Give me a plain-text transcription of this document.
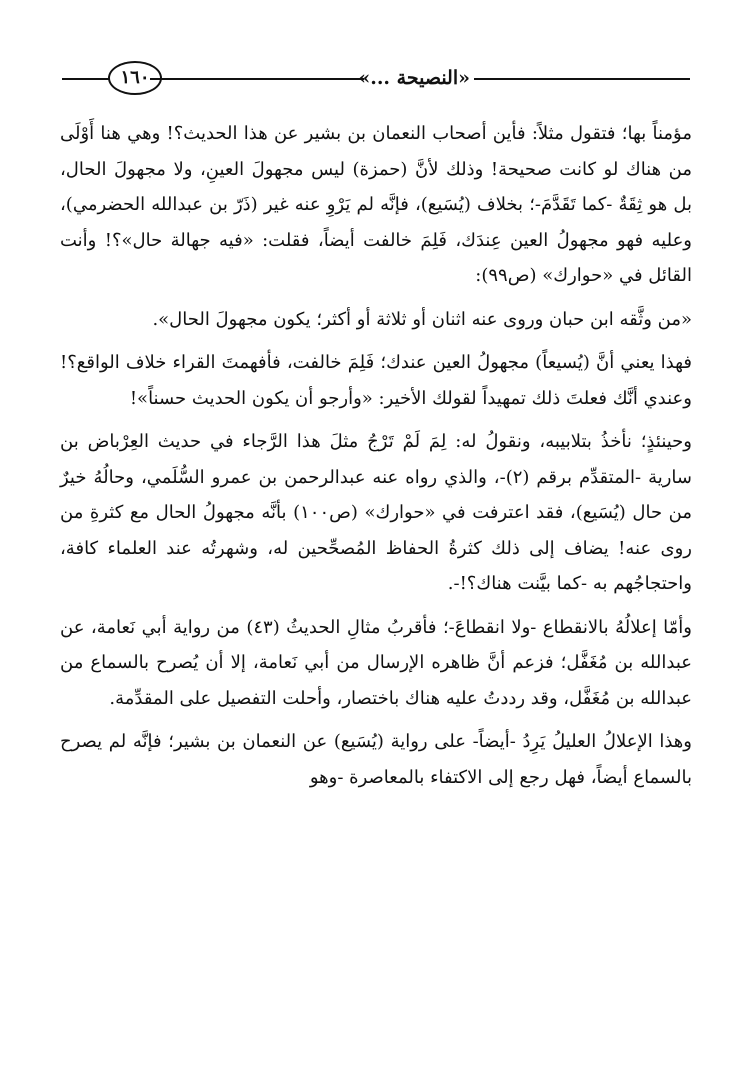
١٦٠	«النصيحة ...»

مؤمناً بها؛ فتقول مثلاً: فأين أصحاب النعمان بن بشير عن هذا الحديث؟! وهي هنا أَوْلَى من هناك لو كانت صحيحة! وذلك لأنَّ (حمزة) ليس مجهولَ العينِ، ولا مجهولَ الحال، بل هو ثِقَةٌ -كما تَقَدَّمَ-؛ بخلاف (يُسَيع)، فإنَّه لم يَرْوِ عنه غير (ذَرّ بن عبدالله الحضرمي)، وعليه فهو مجهولُ العين عِندَك، فَلِمَ خالفت أيضاً، فقلت: «فيه جهالة حال»؟! وأنت القائل في «حوارك» (ص٩٩):

«من وثَّقه ابن حبان وروى عنه اثنان أو ثلاثة أو أكثر؛ يكون مجهولَ الحال».

فهذا يعني أنَّ (يُسيعاً) مجهولُ العين عندك؛ فَلِمَ خالفت، فأفهمتَ القراء خلاف الواقع؟! وعندي أنَّك فعلتَ ذلك تمهيداً لقولك الأخير: «وأرجو أن يكون الحديث حسناً»!

وحينئذٍ؛ نأخذُ بتلابيبه، ونقولُ له: لِمَ لَمْ تَرْجُ مثلَ هذا الرَّجاء في حديث العِرْباض بن سارية -المتقدِّم برقم (٢)-، والذي رواه عنه عبدالرحمن بن عمرو السُّلَمي، وحالُهُ خيرٌ من حال (يُسَيع)، فقد اعترفت في «حوارك» (ص١٠٠) بأنَّه مجهولُ الحال مع كثرةِ من روى عنه! يضاف إلى ذلك كثرةُ الحفاظ المُصحِّحين له، وشهرتُه عند العلماء كافة، واحتجاجُهم به -كما بيَّنت هناك؟!-.

وأمّا إعلالُهُ بالانقطاع -ولا انقطاعَ-؛ فأقربُ مثالِ الحديثُ (٤٣) من رواية أبي نَعامة، عن عبدالله بن مُغَفَّل؛ فزعم أنَّ ظاهره الإرسال من أبي نَعامة، إلا أن يُصرح بالسماع من عبدالله بن مُغَفَّل، وقد رددتُ عليه هناك باختصار، وأحلت التفصيل على المقدِّمة.

وهذا الإعلالُ العليلُ يَرِدُ -أيضاً- على رواية (يُسَيع) عن النعمان بن بشير؛ فإنَّه لم يصرح بالسماع أيضاً، فهل رجع إلى الاكتفاء بالمعاصرة -وهو
